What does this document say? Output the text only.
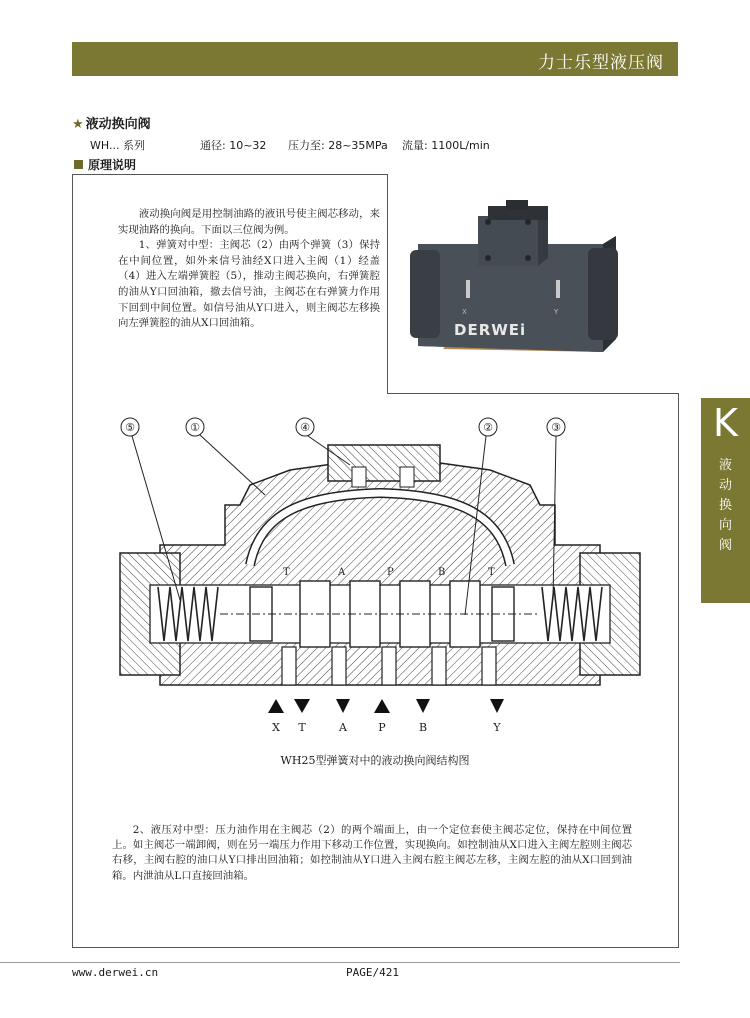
力士乐型液压阀
★ 液动换向阀
WH... 系列	通径: 10~32 压力至: 28~35MPa 流量: 1100L/min
原理说明
X	Y
DERWEi

液动换向阀是用控制油路的液讯号使主阀芯移动，来实现油路的换向。下面以三位阀为例。

1、弹簧对中型：主阀芯（2）由两个弹簧（3）保持在中间位置，如外来信号油经X口进入主阀（1）经盖（4）进入左端弹簧腔（5），推动主阀芯换向，右弹簧腔的油从Y口回油箱，撤去信号油，主阀芯在右弹簧力作用下回到中间位置。如信号油从Y口进入，则主阀芯左移换向左弹簧腔的油从X口回油箱。

T	A	P	B	T
⑤	①	④	②	③
X T	A	P	B	Y
WH25型弹簧对中的液动换向阀结构图
2、液压对中型：压力油作用在主阀芯（2）的两个端面上，由一个定位套使主阀芯定位，保持在中间位置上。如主阀芯一端卸阀，则在另一端压力作用下移动工作位置，实现换向。如控制油从X口进入主阀左腔则主阀芯右移，主阀右腔的油口从Y口排出回油箱；如控制油从Y口进入主阀右腔主阀芯左移，主阀左腔的油从X口回到油箱。内泄油从L口直接回油箱。
K
液
动
换
向
阀
www.derwei.cn	PAGE/421
